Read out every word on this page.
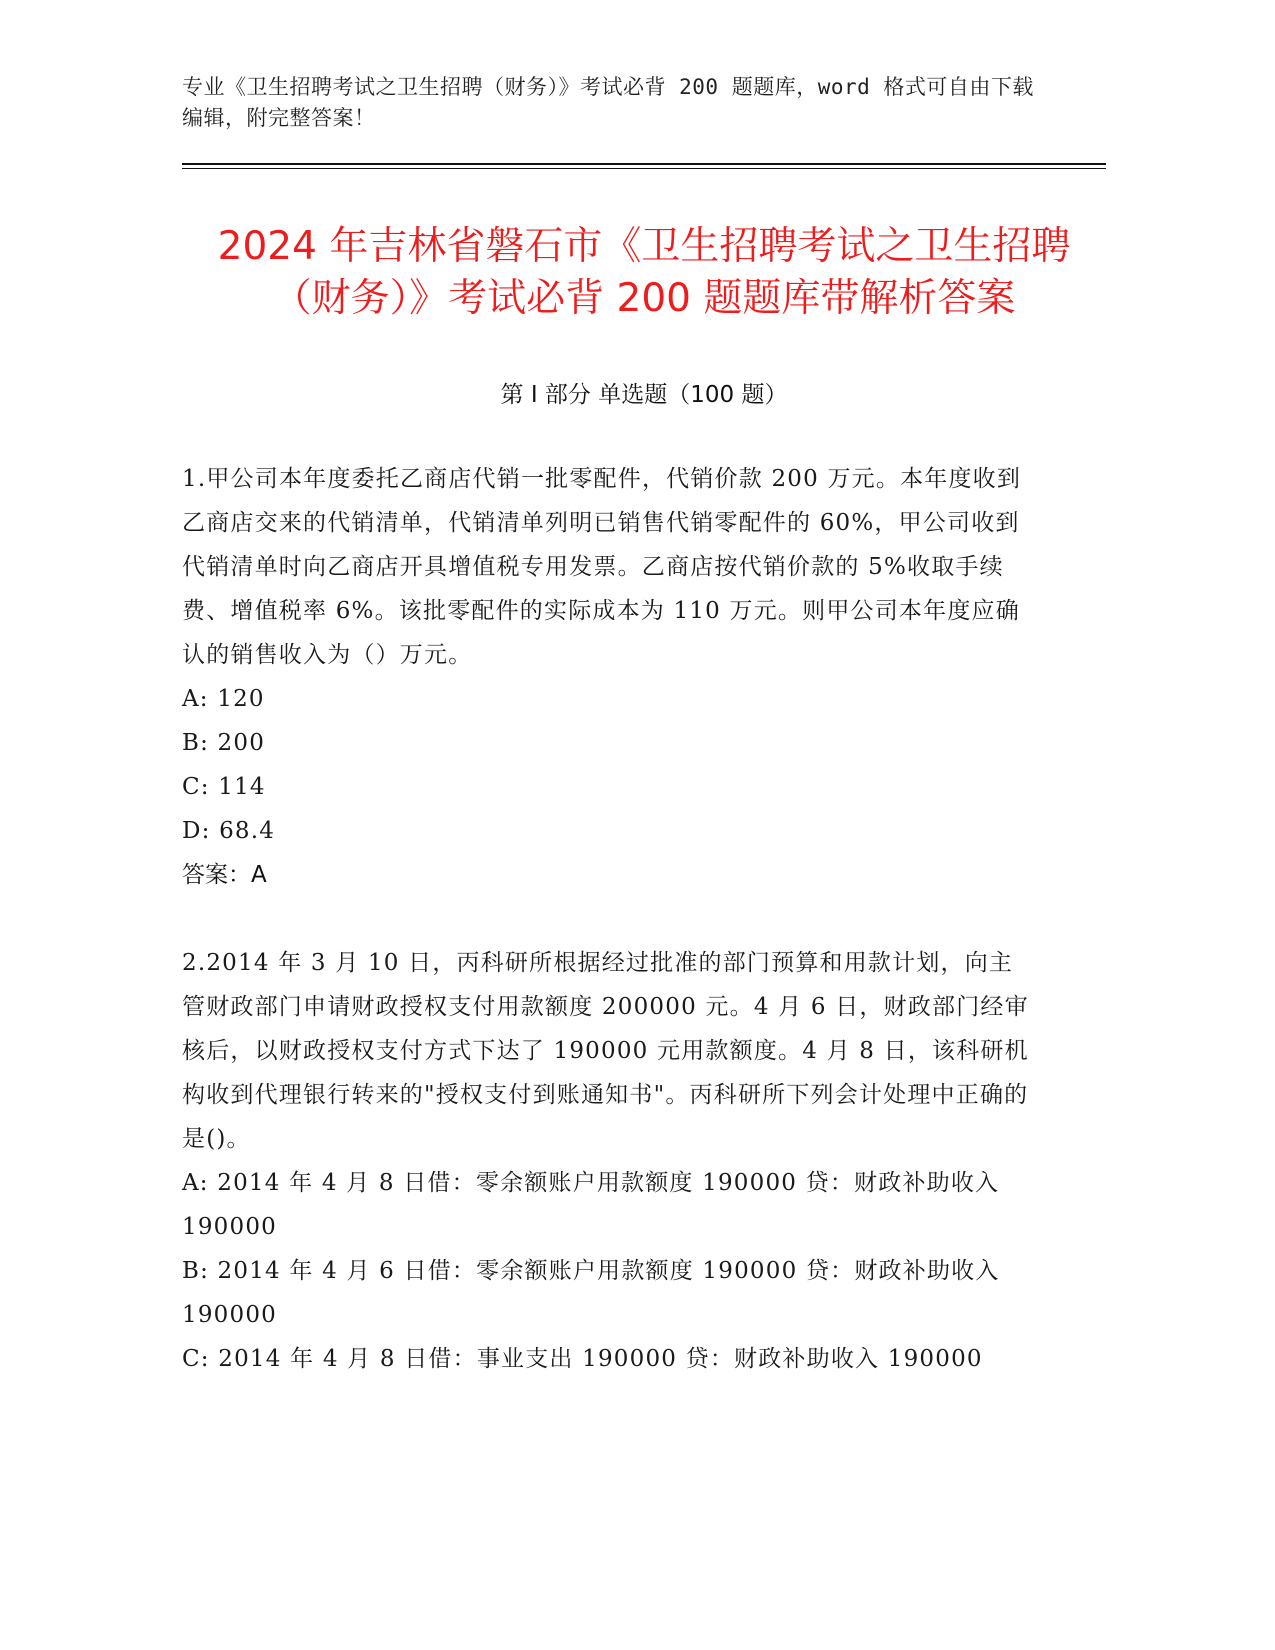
专业《卫生招聘考试之卫生招聘（财务）》考试必背 200 题题库，word 格式可自由下载编辑，附完整答案！

2024 年吉林省磐石市《卫生招聘考试之卫生招聘（财务）》考试必背 200 题题库带解析答案
第 I 部分 单选题（100 题）

1.甲公司本年度委托乙商店代销一批零配件，代销价款 200 万元。本年度收到乙商店交来的代销清单，代销清单列明已销售代销零配件的 60%，甲公司收到代销清单时向乙商店开具增值税专用发票。乙商店按代销价款的 5%收取手续费、增值税率 6%。该批零配件的实际成本为 110 万元。则甲公司本年度应确认的销售收入为（）万元。

A: 120

B: 200

C: 114

D: 68.4

答案：A

2.2014 年 3 月 10 日，丙科研所根据经过批准的部门预算和用款计划，向主管财政部门申请财政授权支付用款额度 200000 元。4 月 6 日，财政部门经审核后，以财政授权支付方式下达了 190000 元用款额度。4 月 8 日，该科研机构收到代理银行转来的"授权支付到账通知书"。丙科研所下列会计处理中正确的是()。

A: 2014 年 4 月 8 日借：零余额账户用款额度 190000 贷：财政补助收入 190000

B: 2014 年 4 月 6 日借：零余额账户用款额度 190000 贷：财政补助收入 190000

C: 2014 年 4 月 8 日借：事业支出 190000 贷：财政补助收入 190000
